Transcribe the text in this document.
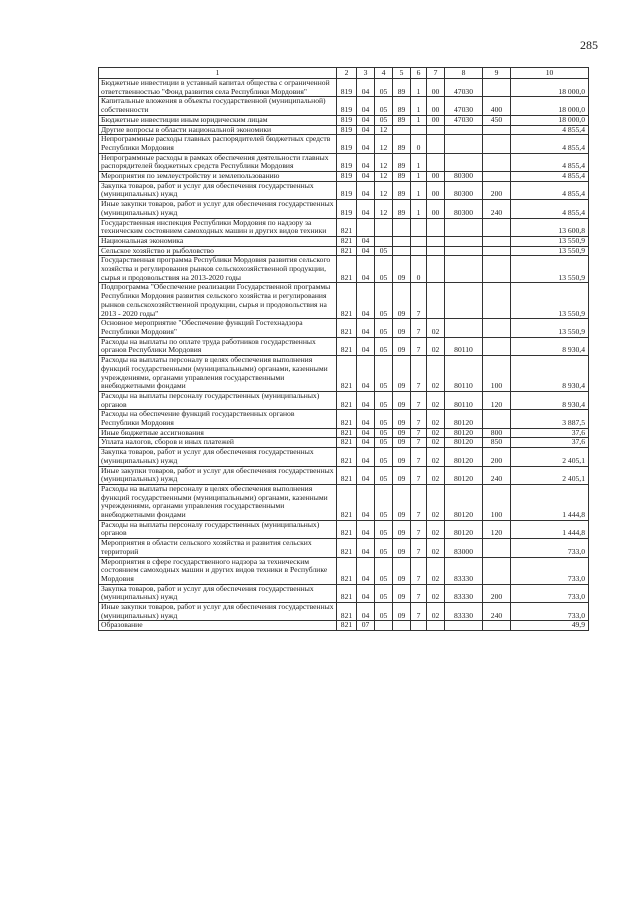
285
1	2	3	4	5	6	7	8	9	10
Бюджетные инвестиции в уставный капитал общества с ограниченной ответственностью "Фонд развития села Республики Мордовия"	819	04	05	89	1	00	47030		18 000,0
Капитальные вложения в объекты государственной (муниципальной) собственности	819	04	05	89	1	00	47030	400	18 000,0
Бюджетные инвестиции иным юридическим лицам	819	04	05	89	1	00	47030	450	18 000,0
Другие вопросы в области национальной экономики	819	04	12						4 855,4
Непрограммные расходы главных распорядителей бюджетных средств Республики Мордовия	819	04	12	89	0				4 855,4
Непрограммные расходы в рамках обеспечения деятельности главных распорядителей бюджетных средств Республики Мордовия	819	04	12	89	1				4 855,4
Мероприятия по землеустройству и землепользованию	819	04	12	89	1	00	80300		4 855,4
Закупка товаров, работ и услуг для обеспечения государственных (муниципальных) нужд	819	04	12	89	1	00	80300	200	4 855,4
Иные закупки товаров, работ и услуг для обеспечения государственных (муниципальных) нужд	819	04	12	89	1	00	80300	240	4 855,4
Государственная инспекция Республики Мордовия по надзору за техническим состоянием самоходных машин и других видов техники	821								13 600,8
Национальная экономика	821	04							13 550,9
Сельское хозяйство и рыболовство	821	04	05						13 550,9
Государственная программа Республики Мордовия развития сельского хозяйства и регулирования рынков сельскохозяйственной продукции, сырья и продовольствия на 2013-2020 годы	821	04	05	09	0				13 550,9
Подпрограмма "Обеспечение реализации Государственной программы Республики Мордовия развития сельского хозяйства и регулирования рынков сельскохозяйственной продукции, сырья и продовольствия на 2013 - 2020 годы"	821	04	05	09	7				13 550,9
Основное мероприятие "Обеспечение функций Гостехнадзора Республики Мордовия"	821	04	05	09	7	02			13 550,9
Расходы на выплаты по оплате труда работников государственных органов Республики Мордовия	821	04	05	09	7	02	80110		8 930,4
Расходы на выплаты персоналу в целях обеспечения выполнения функций государственными (муниципальными) органами, казенными учреждениями, органами управления государственными внебюджетными фондами	821	04	05	09	7	02	80110	100	8 930,4
Расходы на выплаты персоналу государственных (муниципальных) органов	821	04	05	09	7	02	80110	120	8 930,4
Расходы на обеспечение функций государственных органов Республики Мордовия	821	04	05	09	7	02	80120		3 887,5
Иные бюджетные ассигнования	821	04	05	09	7	02	80120	800	37,6
Уплата налогов, сборов и иных платежей	821	04	05	09	7	02	80120	850	37,6
Закупка товаров, работ и услуг для обеспечения государственных (муниципальных) нужд	821	04	05	09	7	02	80120	200	2 405,1
Иные закупки товаров, работ и услуг для обеспечения государственных (муниципальных) нужд	821	04	05	09	7	02	80120	240	2 405,1
Расходы на выплаты персоналу в целях обеспечения выполнения функций государственными (муниципальными) органами, казенными учреждениями, органами управления государственными внебюджетными фондами	821	04	05	09	7	02	80120	100	1 444,8
Расходы на выплаты персоналу государственных (муниципальных) органов	821	04	05	09	7	02	80120	120	1 444,8
Мероприятия в области сельского хозяйства и развития сельских территорий	821	04	05	09	7	02	83000		733,0
Мероприятия в сфере государственного надзора за техническим состоянием самоходных машин и других видов техники в Республике Мордовия	821	04	05	09	7	02	83330		733,0
Закупка товаров, работ и услуг для обеспечения государственных (муниципальных) нужд	821	04	05	09	7	02	83330	200	733,0
Иные закупки товаров, работ и услуг для обеспечения государственных (муниципальных) нужд	821	04	05	09	7	02	83330	240	733,0
Образование	821	07							49,9
